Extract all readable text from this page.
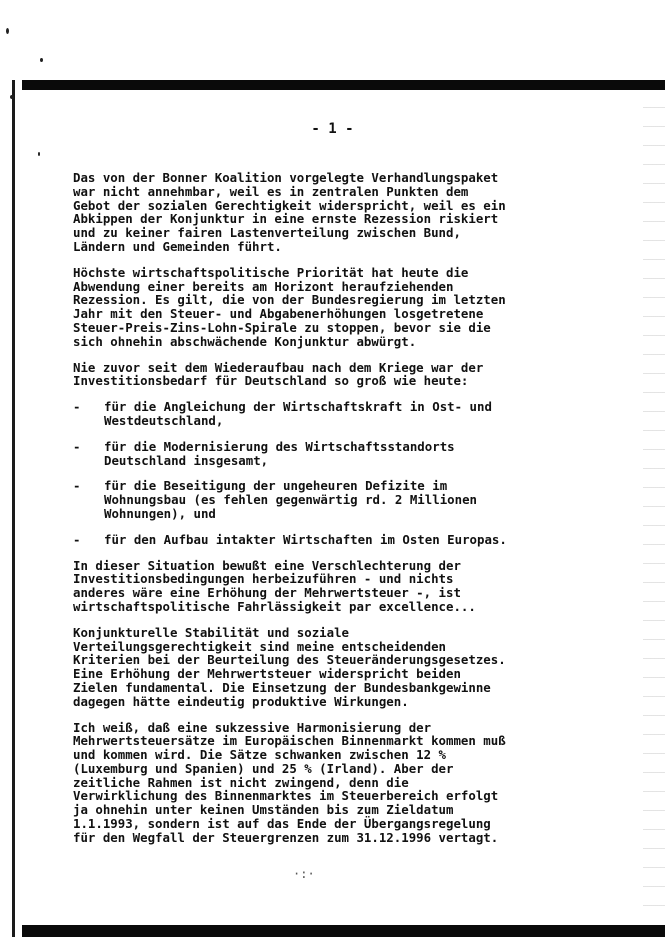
- 1 -

Das von der Bonner Koalition vorgelegte Verhandlungspaket
war nicht annehmbar, weil es in zentralen Punkten dem
Gebot der sozialen Gerechtigkeit widerspricht, weil es ein
Abkippen der Konjunktur in eine ernste Rezession riskiert
und zu keiner fairen Lastenverteilung zwischen Bund,
Ländern und Gemeinden führt.

Höchste wirtschaftspolitische Priorität hat heute die
Abwendung einer bereits am Horizont heraufziehenden
Rezession. Es gilt, die von der Bundesregierung im letzten
Jahr mit den Steuer- und Abgabenerhöhungen losgetretene
Steuer-Preis-Zins-Lohn-Spirale zu stoppen, bevor sie die
sich ohnehin abschwächende Konjunktur abwürgt.

Nie zuvor seit dem Wiederaufbau nach dem Kriege war der
Investitionsbedarf für Deutschland so groß wie heute:

-	für die Angleichung der Wirtschaftskraft in Ost- und
Westdeutschland,
-	für die Modernisierung des Wirtschaftsstandorts
Deutschland insgesamt,
-	für die Beseitigung der ungeheuren Defizite im
Wohnungsbau (es fehlen gegenwärtig rd. 2 Millionen
Wohnungen), und
-	für den Aufbau intakter Wirtschaften im Osten Europas.

In dieser Situation bewußt eine Verschlechterung der
Investitionsbedingungen herbeizuführen - und nichts
anderes wäre eine Erhöhung der Mehrwertsteuer -, ist
wirtschaftspolitische Fahrlässigkeit par excellence...

Konjunkturelle Stabilität und soziale
Verteilungsgerechtigkeit sind meine entscheidenden
Kriterien bei der Beurteilung des Steueränderungsgesetzes.
Eine Erhöhung der Mehrwertsteuer widerspricht beiden
Zielen fundamental. Die Einsetzung der Bundesbankgewinne
dagegen hätte eindeutig produktive Wirkungen.

Ich weiß, daß eine sukzessive Harmonisierung der
Mehrwertsteuersätze im Europäischen Binnenmarkt kommen muß
und kommen wird. Die Sätze schwanken zwischen 12 %
(Luxemburg und Spanien) und 25 % (Irland). Aber der
zeitliche Rahmen ist nicht zwingend, denn die
Verwirklichung des Binnenmarktes im Steuerbereich erfolgt
ja ohnehin unter keinen Umständen bis zum Zieldatum
1.1.1993, sondern ist auf das Ende der Übergangsregelung
für den Wegfall der Steuergrenzen zum 31.12.1996 vertagt.

·:·
